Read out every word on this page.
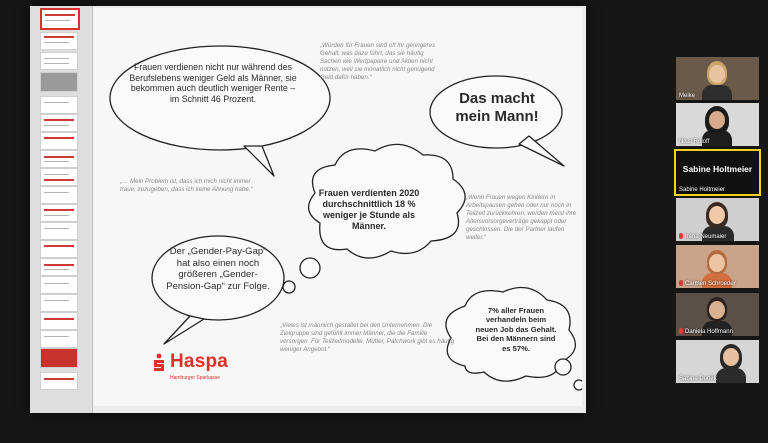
Frauen verdienen nicht nur während des Berufslebens weniger Geld als Männer, sie bekommen auch deutlich weniger Rente – im Schnitt 46 Prozent.	Das macht mein Mann!
Frauen verdienten 2020 durchschnittlich 18 % weniger je Stunde als Männer.
Der „Gender-Pay-Gap“ hat also einen noch größeren „Gender-Pension-Gap“ zur Folge.
7% aller Frauen verhandeln beim neuen Job das Gehalt. Bei den Männern sind es 57%.
„Würden für Frauen sind oft ihr geringeres Gehalt, was dazu führt, das sie häufig Sachen wie Wertpapiere und Aktien nicht nutzen, weil sie monatlich nicht genügend Geld dafür haben.“
„… Mein Problem ist, dass ich mich nicht immer traue, zuzugeben, dass ich keine Ahnung habe.“
„Wenn Frauen wegen Kindern in Arbeitspausen gehen oder nur noch in Teilzeit zurückkehren, werden meist ihre Altersvorsorgeverträge gekappt oder geschlossen. Die der Partner laufen weiter.“
„Vieles ist männlich gestaltet bei den Unternehmen. Die Zielgruppe sind gefühlt immer Männer, die die Familie versorgen. Für Teilzeitmodelle, Mütter, Patchwork gibt es häufig weniger Angebot.“
Haspa
Hamburger Sparkasse
Meike
Nissi Roloff
Sabine Holtmeier
Sabine Holtmeier
Irena Neumaier
Carmen Schroeder
Daniela Hoffmann
Sabine Dudek
